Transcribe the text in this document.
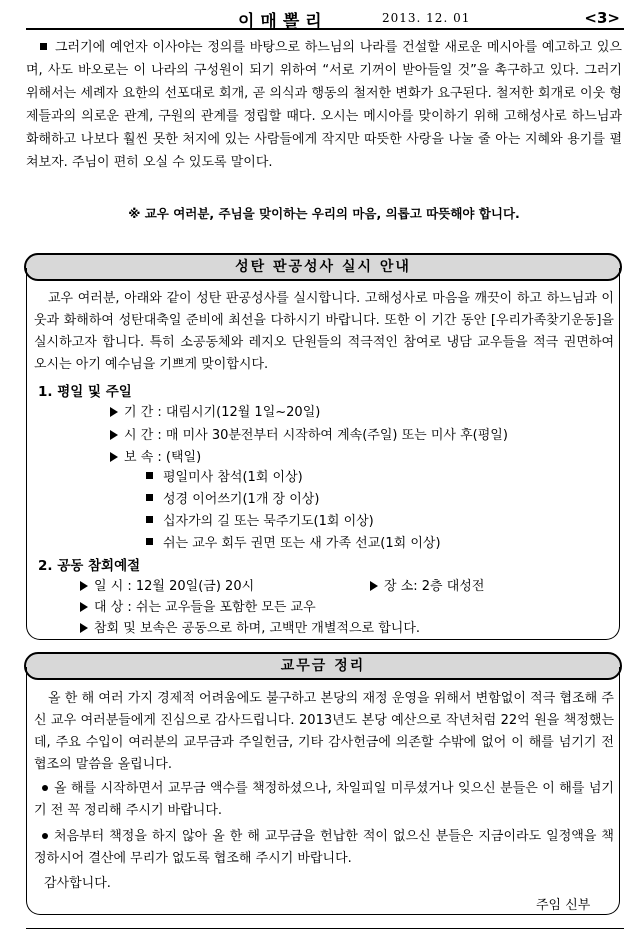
이매뽈리	2013. 12. 01	<3>
그러기에 예언자 이사야는 정의를 바탕으로 하느님의 나라를 건설할 새로운 메시아를 예고하고 있으며, 사도 바오로는 이 나라의 구성원이 되기 위하여 “서로 기꺼이 받아들일 것”을 촉구하고 있다. 그러기 위해서는 세례자 요한의 선포대로 회개, 곧 의식과 행동의 철저한 변화가 요구된다. 철저한 회개로 이웃 형제들과의 의로운 관계, 구원의 관계를 정립할 때다. 오시는 메시아를 맞이하기 위해 고해성사로 하느님과 화해하고 나보다 훨씬 못한 처지에 있는 사람들에게 작지만 따뜻한 사랑을 나눌 줄 아는 지혜와 용기를 펼쳐보자. 주님이 편히 오실 수 있도록 말이다.
※ 교우 여러분, 주님을 맞이하는 우리의 마음, 의롭고 따뜻해야 합니다.
성탄 판공성사 실시 안내
교우 여러분, 아래와 같이 성탄 판공성사를 실시합니다. 고해성사로 마음을 깨끗이 하고 하느님과 이웃과 화해하여 성탄대축일 준비에 최선을 다하시기 바랍니다. 또한 이 기간 동안 [우리가족찾기운동]을 실시하고자 합니다. 특히 소공동체와 레지오 단원들의 적극적인 참여로 냉담 교우들을 적극 권면하여 오시는 아기 예수님을 기쁘게 맞이합시다.
1. 평일 및 주일
기 간 : 대림시기(12월 1일~20일)
시 간 : 매 미사 30분전부터 시작하여 계속(주일) 또는 미사 후(평일)
보 속 : (택일)
평일미사 참석(1회 이상)
성경 이어쓰기(1개 장 이상)
십자가의 길 또는 묵주기도(1회 이상)
쉬는 교우 회두 권면 또는 새 가족 선교(1회 이상)
2. 공동 참회예절
일 시 : 12월 20일(금) 20시	장 소: 2층 대성전
대 상 : 쉬는 교우들을 포함한 모든 교우
참회 및 보속은 공동으로 하며, 고백만 개별적으로 합니다.
교무금 정리
올 한 해 여러 가지 경제적 어려움에도 불구하고 본당의 재정 운영을 위해서 변함없이 적극 협조해 주신 교우 여러분들에게 진심으로 감사드립니다. 2013년도 본당 예산으로 작년처럼 22억 원을 책정했는데, 주요 수입이 여러분의 교무금과 주일헌금, 기타 감사헌금에 의존할 수밖에 없어 이 해를 넘기기 전 협조의 말씀을 올립니다.
올 해를 시작하면서 교무금 액수를 책정하셨으나, 차일피일 미루셨거나 잊으신 분들은 이 해를 넘기기 전 꼭 정리해 주시기 바랍니다.
처음부터 책정을 하지 않아 올 한 해 교무금을 헌납한 적이 없으신 분들은 지금이라도 일정액을 책정하시어 결산에 무리가 없도록 협조해 주시기 바랍니다.
감사합니다.
주임 신부
